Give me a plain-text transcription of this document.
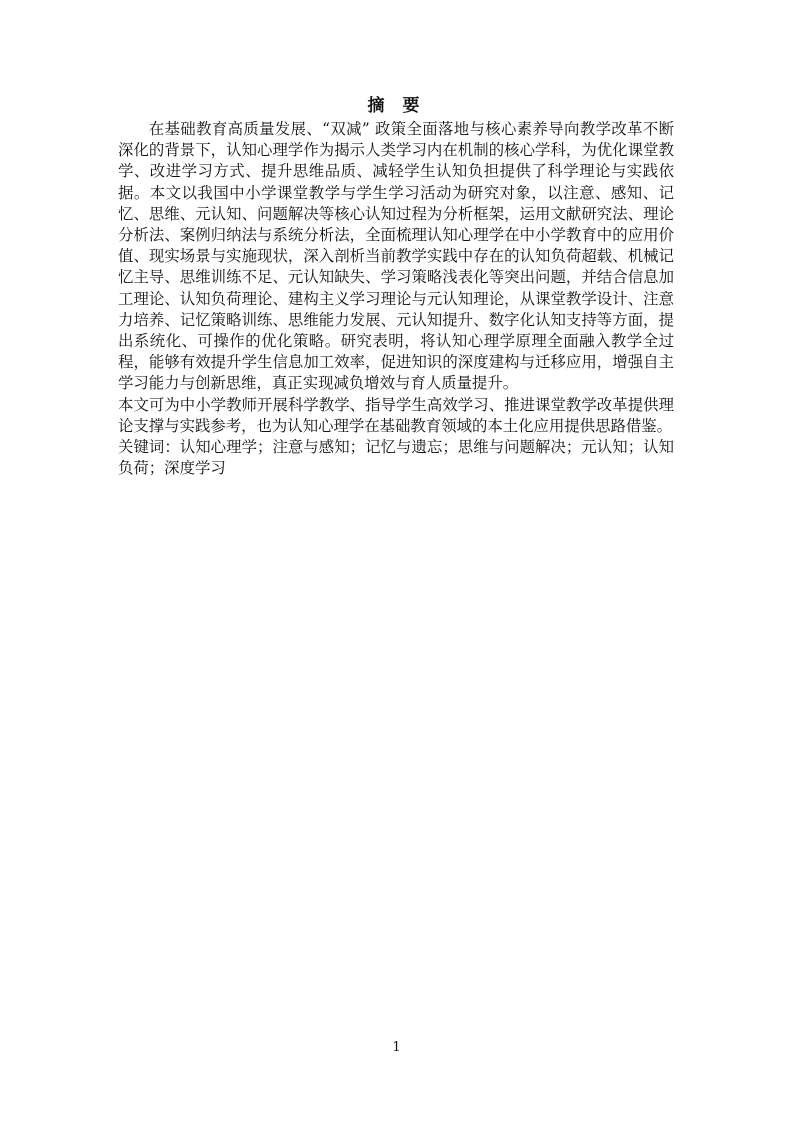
摘 要

在基础教育高质量发展、“双减” 政策全面落地与核心素养导向教学改革不断深化的背景下，认知心理学作为揭示人类学习内在机制的核心学科，为优化课堂教学、改进学习方式、提升思维品质、减轻学生认知负担提供了科学理论与实践依据。本文以我国中小学课堂教学与学生学习活动为研究对象，以注意、感知、记忆、思维、元认知、问题解决等核心认知过程为分析框架，运用文献研究法、理论分析法、案例归纳法与系统分析法，全面梳理认知心理学在中小学教育中的应用价值、现实场景与实施现状，深入剖析当前教学实践中存在的认知负荷超载、机械记忆主导、思维训练不足、元认知缺失、学习策略浅表化等突出问题，并结合信息加工理论、认知负荷理论、建构主义学习理论与元认知理论，从课堂教学设计、注意力培养、记忆策略训练、思维能力发展、元认知提升、数字化认知支持等方面，提出系统化、可操作的优化策略。研究表明，将认知心理学原理全面融入教学全过程，能够有效提升学生信息加工效率，促进知识的深度建构与迁移应用，增强自主学习能力与创新思维，真正实现减负增效与育人质量提升。

本文可为中小学教师开展科学教学、指导学生高效学习、推进课堂教学改革提供理论支撑与实践参考，也为认知心理学在基础教育领域的本土化应用提供思路借鉴。

关键词：认知心理学；注意与感知；记忆与遗忘；思维与问题解决；元认知；认知负荷；深度学习

1
